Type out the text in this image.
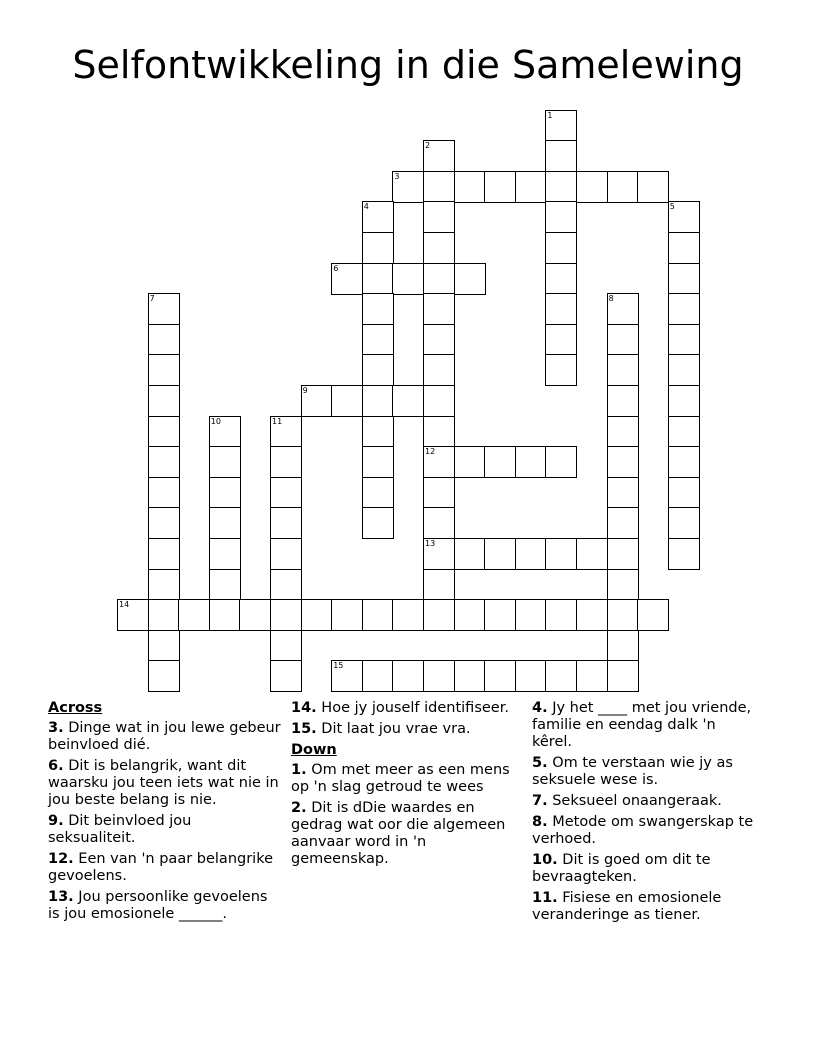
Selfontwikkeling in die Samelewing
1
2
3
4	5
6
7	8
9
10	11
12
13
14
15
Across
3. Dinge wat in jou lewe gebeur beinvloed dié.
6. Dit is belangrik, want dit waarsku jou teen iets wat nie in jou beste belang is nie.
9. Dit beinvloed jou seksualiteit.
12. Een van 'n paar belangrike gevoelens.
13. Jou persoonlike gevoelens is jou emosionele ______.
14. Hoe jy jouself identifiseer.
15. Dit laat jou vrae vra.
Down
1. Om met meer as een mens op 'n slag getroud te wees
2. Dit is dDie waardes en gedrag wat oor die algemeen aanvaar word in 'n gemeenskap.
4. Jy het ____ met jou vriende, familie en eendag dalk 'n kêrel.
5. Om te verstaan wie jy as seksuele wese is.
7. Seksueel onaangeraak.
8. Metode om swangerskap te verhoed.
10. Dit is goed om dit te bevraagteken.
11. Fisiese en emosionele veranderinge as tiener.
